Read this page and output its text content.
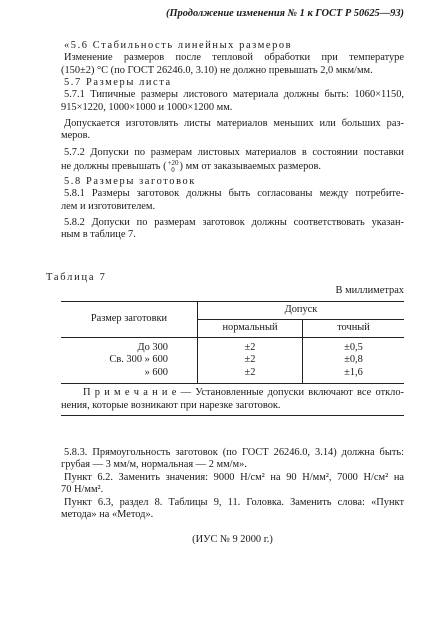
(Продолжение изменения № 1 к ГОСТ Р 50625—93)
«5.6 Стабильность линейных размеров
Изменение размеров после тепловой обработки при температуре
(150±2) °С (по ГОСТ 26246.0, 3.10) не должно превышать 2,0 мкм/мм.
5.7 Размеры листа
5.7.1 Типичные размеры листового материала должны быть: 1060×1150,
915×1220, 1000×1000 и 1000×1200 мм.
Допускается изготовлять листы материалов меньших или больших раз-
меров.
5.7.2 Допуски по размерам листовых материалов в состоянии поставки
не должны превышать ( +20
0 ) мм от заказываемых размеров.
5.8 Размеры заготовок
5.8.1 Размеры заготовок должны быть согласованы между потребите-
лем и изготовителем.
5.8.2 Допуски по размерам заготовок должны соответствовать указан-
ным в таблице 7.
Таблица 7
В миллиметрах
Размер заготовки	Допуск	
	нормальный	точный
До 300	±2	±0,5
Св. 300 » 600	±2	±0,8
» 600	±2	±1,6

П р и м е ч а н и е — Установленные допуски включают все откло-
нения, которые возникают при нарезке заготовок.		
5.8.3. Прямоугольность заготовок (по ГОСТ 26246.0, 3.14) должна быть:
грубая — 3 мм/м, нормальная — 2 мм/м».
Пункт 6.2. Заменить значения: 9000 Н/см² на 90 Н/мм², 7000 Н/см² на
70 Н/мм².
Пункт 6.3, раздел 8. Таблицы 9, 11. Головка. Заменить слова: «Пункт
метода» на «Метод».
(ИУС № 9 2000 г.)
